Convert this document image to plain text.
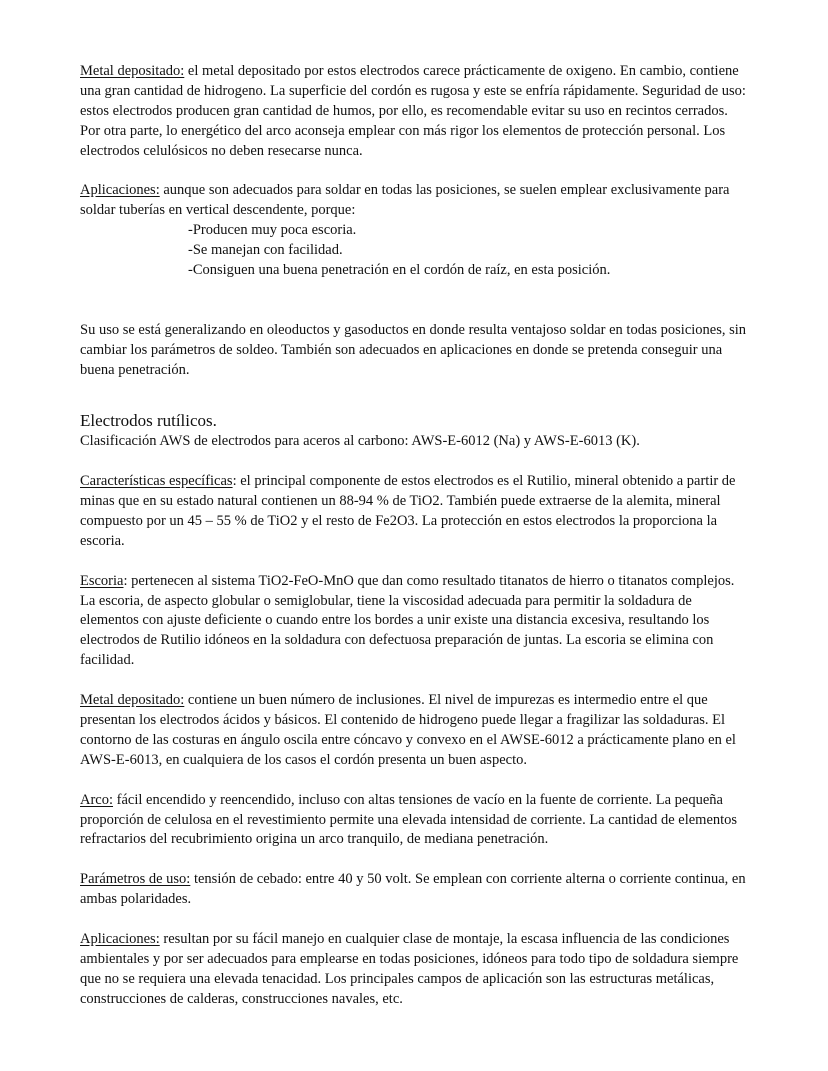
Metal depositado: el metal depositado por estos electrodos carece prácticamente de oxigeno. En cambio, contiene una gran cantidad de hidrogeno. La superficie del cordón es rugosa y este se enfría rápidamente. Seguridad de uso: estos electrodos producen gran cantidad de humos, por ello, es recomendable evitar su uso en recintos cerrados. Por otra parte, lo energético del arco aconseja emplear con más rigor los elementos de protección personal. Los electrodos celulósicos no deben resecarse nunca.

Aplicaciones: aunque son adecuados para soldar en todas las posiciones, se suelen emplear exclusivamente para soldar tuberías en vertical descendente, porque:

-Producen muy poca escoria.
-Se manejan con facilidad.
-Consiguen una buena penetración en el cordón de raíz, en esta posición.

Su uso se está generalizando en oleoductos y gasoductos en donde resulta ventajoso soldar en todas posiciones, sin cambiar los parámetros de soldeo. También son adecuados en aplicaciones en donde se pretenda conseguir una buena penetración.

Electrodos rutílicos.

Clasificación AWS de electrodos para aceros al carbono: AWS-E-6012 (Na) y AWS-E-6013 (K).

Características específicas: el principal componente de estos electrodos es el Rutilio, mineral obtenido a partir de minas que en su estado natural contienen un 88-94 % de TiO2. También puede extraerse de la alemita, mineral compuesto por un 45 – 55 % de TiO2 y el resto de Fe2O3. La protección en estos electrodos la proporciona la escoria.

Escoria: pertenecen al sistema TiO2-FeO-MnO que dan como resultado titanatos de hierro o titanatos complejos. La escoria, de aspecto globular o semiglobular, tiene la viscosidad adecuada para permitir la soldadura de elementos con ajuste deficiente o cuando entre los bordes a unir existe una distancia excesiva, resultando los electrodos de Rutilio idóneos en la soldadura con defectuosa preparación de juntas. La escoria se elimina con facilidad.

Metal depositado: contiene un buen número de inclusiones. El nivel de impurezas es intermedio entre el que presentan los electrodos ácidos y básicos. El contenido de hidrogeno puede llegar a fragilizar las soldaduras. El contorno de las costuras en ángulo oscila entre cóncavo y convexo en el AWSE-6012 a prácticamente plano en el AWS-E-6013, en cualquiera de los casos el cordón presenta un buen aspecto.

Arco: fácil encendido y reencendido, incluso con altas tensiones de vacío en la fuente de corriente. La pequeña proporción de celulosa en el revestimiento permite una elevada intensidad de corriente. La cantidad de elementos refractarios del recubrimiento origina un arco tranquilo, de mediana penetración.

Parámetros de uso: tensión de cebado: entre 40 y 50 volt. Se emplean con corriente alterna o corriente continua, en ambas polaridades.

Aplicaciones: resultan por su fácil manejo en cualquier clase de montaje, la escasa influencia de las condiciones ambientales y por ser adecuados para emplearse en todas posiciones, idóneos para todo tipo de soldadura siempre que no se requiera una elevada tenacidad. Los principales campos de aplicación son las estructuras metálicas, construcciones de calderas, construcciones navales, etc.
